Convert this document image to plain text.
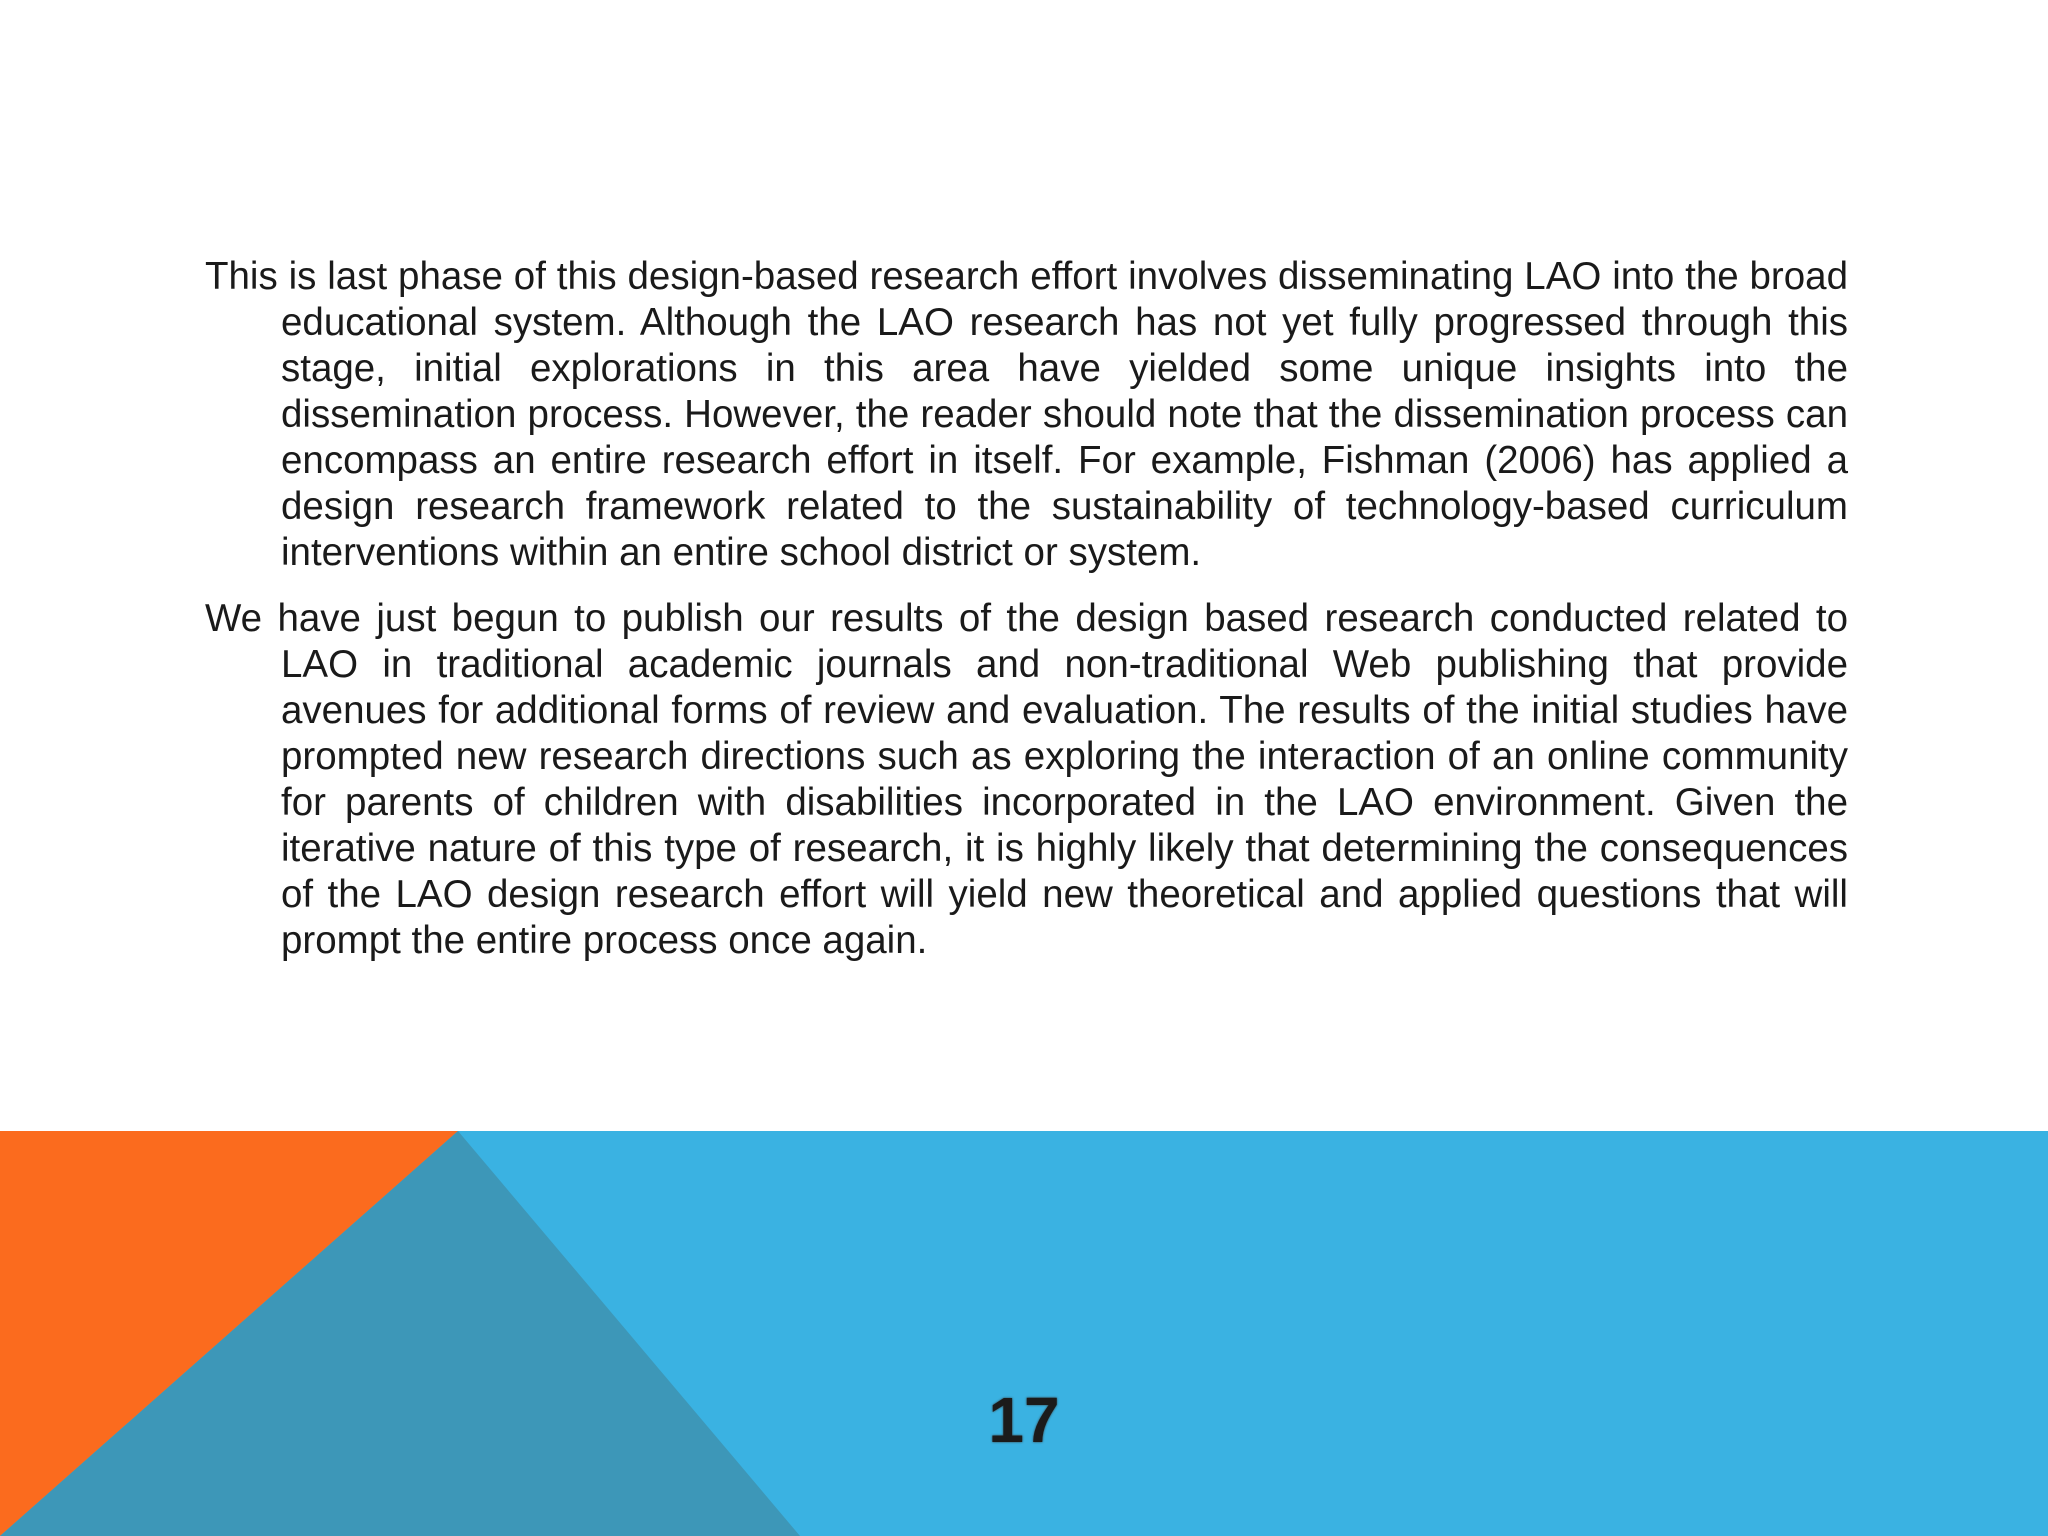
This is last phase of this design-based research effort involves disseminating LAO into the broad educational system. Although the LAO research has not yet fully progressed through this stage, initial explorations in this area have yielded some unique insights into the dissemination process. However, the reader should note that the dissemination process can encompass an entire research effort in itself. For example, Fishman (2006) has applied a design research framework related to the sustainability of technology-based curriculum interventions within an entire school district or system.

We have just begun to publish our results of the design based research conducted related to LAO in traditional academic journals and non-traditional Web publishing that provide avenues for additional forms of review and evaluation. The results of the initial studies have prompted new research directions such as exploring the interaction of an online community for parents of children with disabilities incorporated in the LAO environment. Given the iterative nature of this type of research, it is highly likely that determining the consequences of the LAO design research effort will yield new theoretical and applied questions that will prompt the entire process once again.

17
